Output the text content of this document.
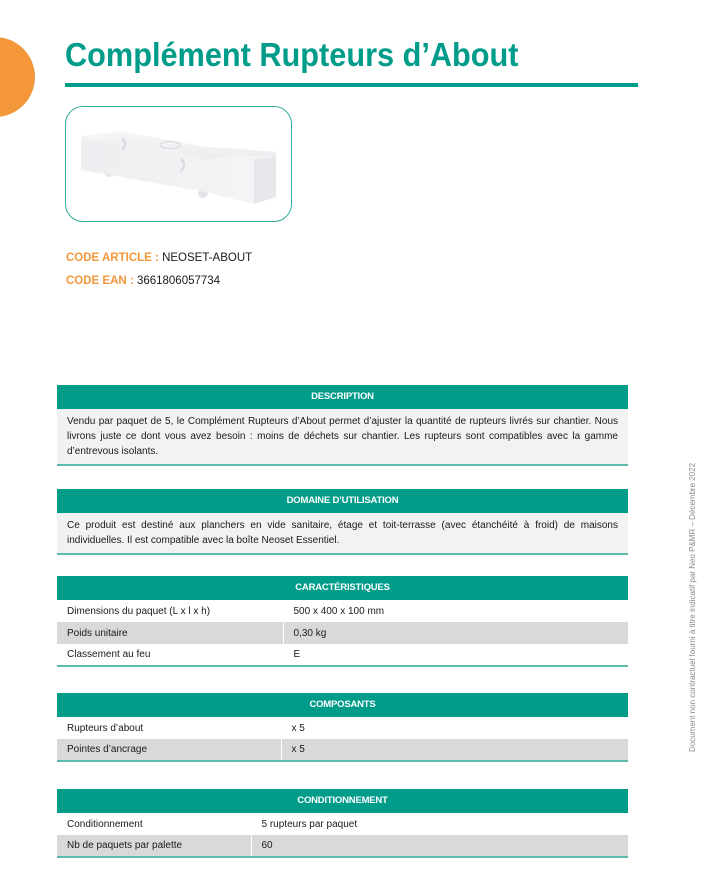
Complément Rupteurs d’About
CODE ARTICLE : NEOSET-ABOUT
CODE EAN : 3661806057734
DESCRIPTION
Vendu par paquet de 5, le Complément Rupteurs d’About permet d’ajuster la quantité de rupteurs livrés sur chantier. Nous livrons juste ce dont vous avez besoin : moins de déchets sur chantier. Les rupteurs sont compatibles avec la gamme d’entrevous isolants.
DOMAINE D’UTILISATION
Ce produit est destiné aux planchers en vide sanitaire, étage et toit-terrasse (avec étanchéité à froid) de maisons individuelles. Il est compatible avec la boîte Neoset Essentiel.
CARACTÉRISTIQUES
Dimensions du paquet (L x l x h)	500 x 400 x 100 mm
Poids unitaire	0,30 kg
Classement au feu	E
COMPOSANTS
Rupteurs d’about	x 5
Pointes d’ancrage	x 5
CONDITIONNEMENT
Conditionnement	5 rupteurs par paquet
Nb de paquets par palette	60
Document non contractuel fourni à titre indicatif par Neo P&MR – Décembre 2022
